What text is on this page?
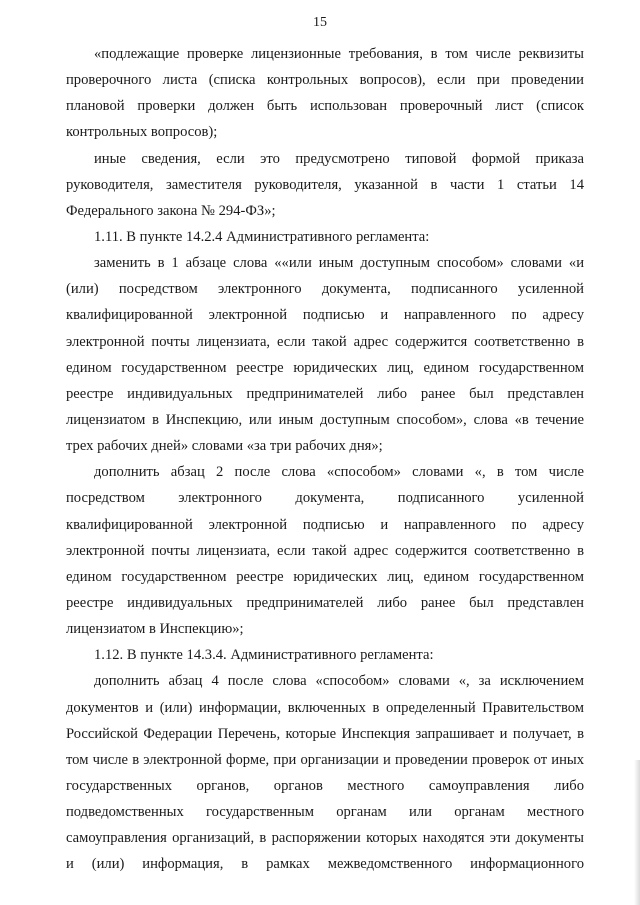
15
«подлежащие проверке лицензионные требования, в том числе реквизиты
проверочного листа (списка контрольных вопросов), если при проведении
плановой проверки должен быть использован проверочный лист (список
контрольных вопросов);
иные сведения, если это предусмотрено типовой формой приказа
руководителя, заместителя руководителя, указанной в части 1 статьи 14
Федерального закона № 294-ФЗ»;
1.11. В пункте 14.2.4 Административного регламента:
заменить в 1 абзаце слова ««или иным доступным способом» словами «и
(или) посредством электронного документа, подписанного усиленной
квалифицированной электронной подписью и направленного по адресу
электронной почты лицензиата, если такой адрес содержится соответственно в
едином государственном реестре юридических лиц, едином государственном
реестре индивидуальных предпринимателей либо ранее был представлен
лицензиатом в Инспекцию, или иным доступным способом», слова «в течение
трех рабочих дней» словами «за три рабочих дня»;
дополнить абзац 2 после слова «способом» словами «, в том числе
посредством электронного документа, подписанного усиленной
квалифицированной электронной подписью и направленного по адресу
электронной почты лицензиата, если такой адрес содержится соответственно в
едином государственном реестре юридических лиц, едином государственном
реестре индивидуальных предпринимателей либо ранее был представлен
лицензиатом в Инспекцию»;
1.12. В пункте 14.3.4. Административного регламента:
дополнить абзац 4 после слова «способом» словами «, за исключением
документов и (или) информации, включенных в определенный Правительством
Российской Федерации Перечень, которые Инспекция запрашивает и получает, в
том числе в электронной форме, при организации и проведении проверок от иных
государственных органов, органов местного самоуправления либо
подведомственных государственным органам или органам местного
самоуправления организаций, в распоряжении которых находятся эти документы
и (или) информация, в рамках межведомственного информационного
